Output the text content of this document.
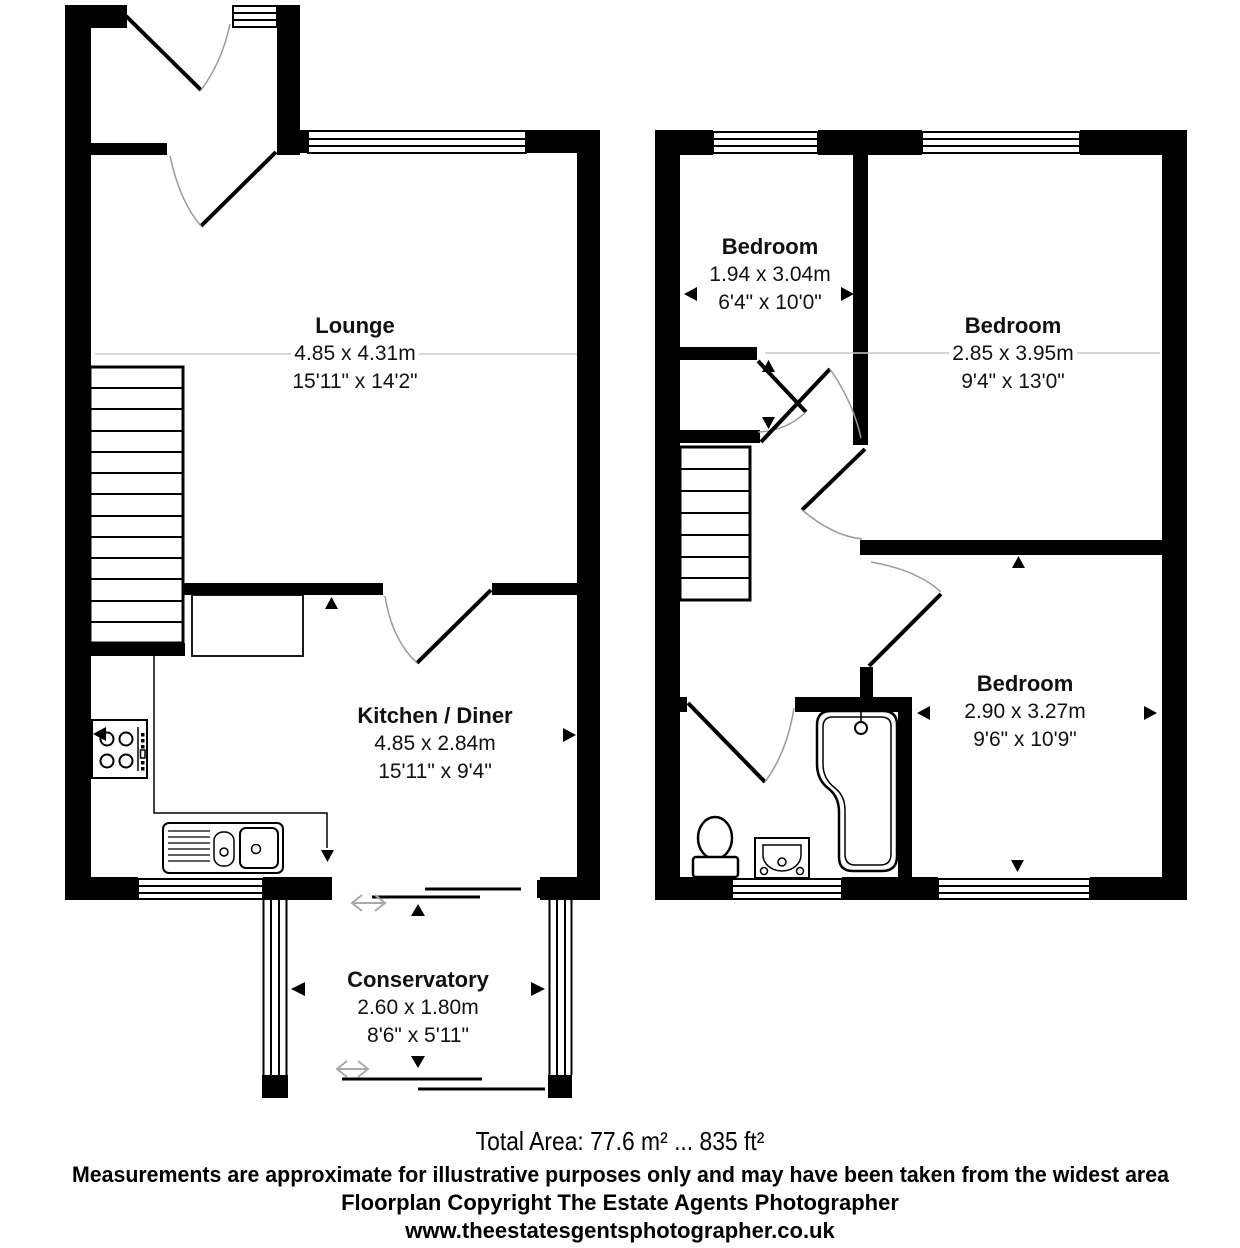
Lounge
4.85 x 4.31m
15'11" x 14'2"
Kitchen / Diner
4.85 x 2.84m
15'11" x 9'4"
Conservatory
2.60 x 1.80m
8'6" x 5'11"
Bedroom
1.94 x 3.04m
6'4" x 10'0"
Bedroom
2.85 x 3.95m
9'4" x 13'0"
Bedroom
2.90 x 3.27m
9'6" x 10'9"
Total Area: 77.6 m² ... 835 ft²
Measurements are approximate for illustrative purposes only and may have been taken from the widest area
Floorplan Copyright The Estate Agents Photographer
www.theestatesgentsphotographer.co.uk
